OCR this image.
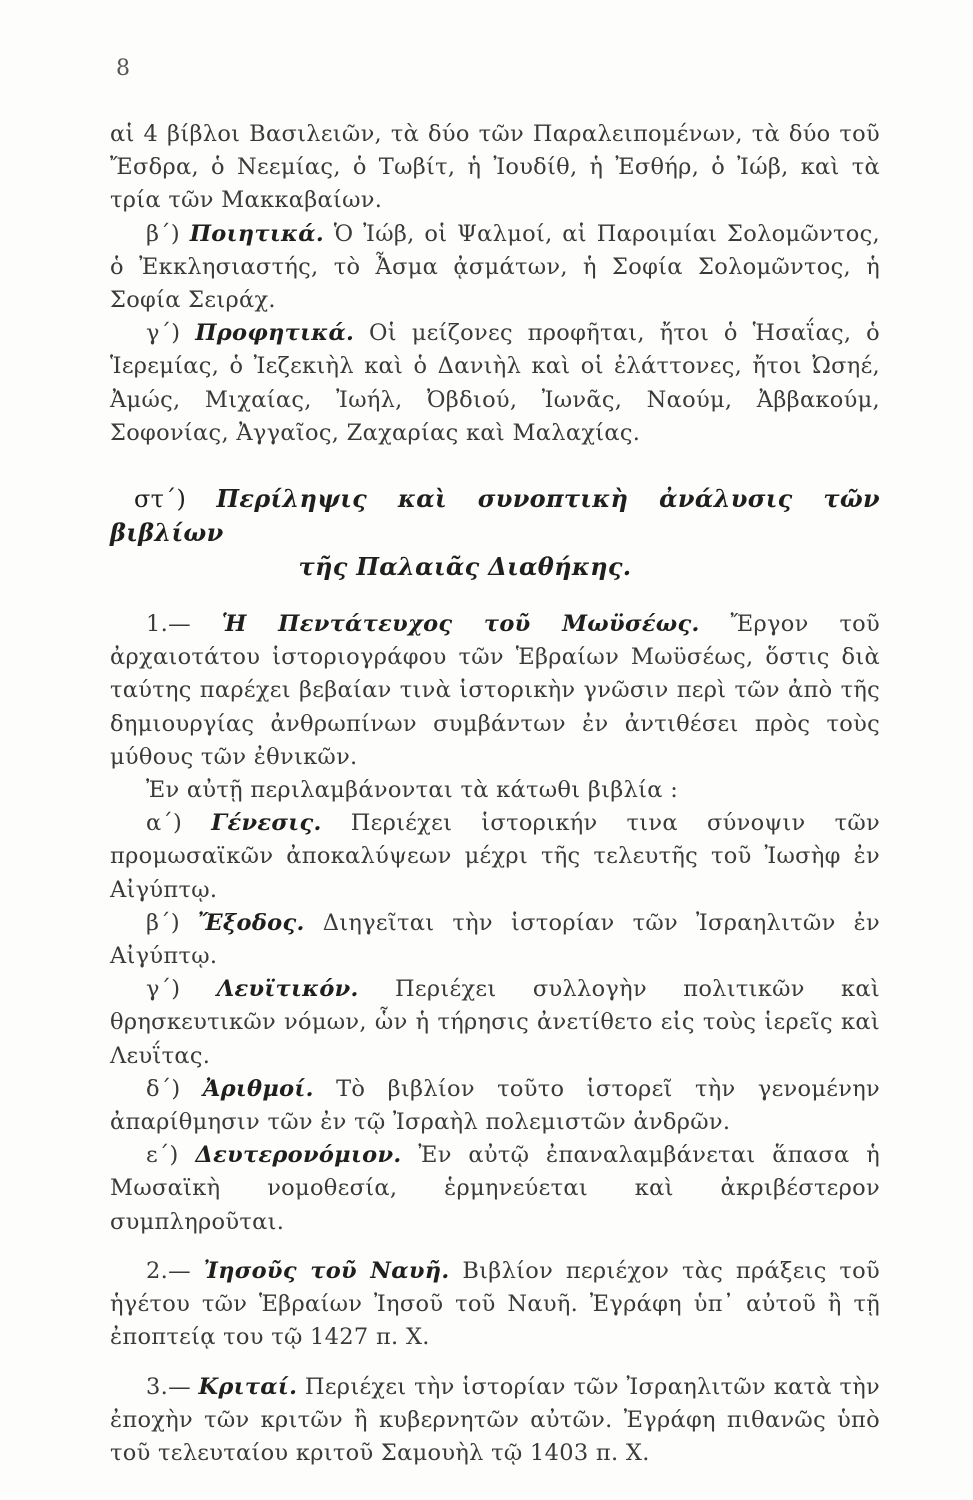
8

αἱ 4 βίβλοι Βασιλειῶν, τὰ δύο τῶν Παραλειπομένων, τὰ δύο τοῦ Ἔσδρα, ὁ Νεεμίας, ὁ Τωβίτ, ἡ Ἰουδίθ, ἡ Ἐσθήρ, ὁ Ἰώβ, καὶ τὰ τρία τῶν Μακκαβαίων.

β΄) Ποιητικά. Ὁ Ἰώβ, οἱ Ψαλμοί, αἱ Παροιμίαι Σολομῶντος, ὁ Ἐκκλησιαστής, τὸ Ἆσμα ᾀσμάτων, ἡ Σοφία Σολομῶντος, ἡ Σοφία Σειράχ.

γ΄) Προφητικά. Οἱ μείζονες προφῆται, ἤτοι ὁ Ἡσαΐας, ὁ Ἱερεμίας, ὁ Ἰεζεκιὴλ καὶ ὁ Δανιὴλ καὶ οἱ ἐλάττονες, ἤτοι Ὠσηέ, Ἀμώς, Μιχαίας, Ἰωήλ, Ὀβδιού, Ἰωνᾶς, Ναούμ, Ἀββακούμ, Σοφονίας, Ἀγγαῖος, Ζαχαρίας καὶ Μαλαχίας.

στ΄) Περίληψις καὶ συνοπτικὴ ἀνάλυσις τῶν βιβλίων
τῆς Παλαιᾶς Διαθήκης.

1.— Ἡ Πεντάτευχος τοῦ Μωϋσέως. Ἔργον τοῦ ἀρχαιοτάτου ἱστοριογράφου τῶν Ἑβραίων Μωϋσέως, ὅστις διὰ ταύτης παρέχει βεβαίαν τινὰ ἱστορικὴν γνῶσιν περὶ τῶν ἀπὸ τῆς δημιουργίας ἀνθρωπίνων συμβάντων ἐν ἀντιθέσει πρὸς τοὺς μύθους τῶν ἐθνικῶν.

Ἐν αὐτῇ περιλαμβάνονται τὰ κάτωθι βιβλία :

α΄) Γένεσις. Περιέχει ἱστορικήν τινα σύνοψιν τῶν προμωσαϊκῶν ἀποκαλύψεων μέχρι τῆς τελευτῆς τοῦ Ἰωσὴφ ἐν Αἰγύπτῳ.

β΄) Ἔξοδος. Διηγεῖται τὴν ἱστορίαν τῶν Ἰσραηλιτῶν ἐν Αἰγύπτῳ.

γ΄) Λευϊτικόν. Περιέχει συλλογὴν πολιτικῶν καὶ θρησκευτικῶν νόμων, ὧν ἡ τήρησις ἀνετίθετο εἰς τοὺς ἱερεῖς καὶ Λευΐτας.

δ΄) Ἀριθμοί. Τὸ βιβλίον τοῦτο ἱστορεῖ τὴν γενομένην ἀπαρίθμησιν τῶν ἐν τῷ Ἰσραὴλ πολεμιστῶν ἀνδρῶν.

ε΄) Δευτερονόμιον. Ἐν αὐτῷ ἐπαναλαμβάνεται ἅπασα ἡ Μωσαϊκὴ νομοθεσία, ἑρμηνεύεται καὶ ἀκριβέστερον συμπληροῦται.

2.— Ἰησοῦς τοῦ Ναυῆ. Βιβλίον περιέχον τὰς πράξεις τοῦ ἡγέτου τῶν Ἑβραίων Ἰησοῦ τοῦ Ναυῆ. Ἐγράφη ὑπ᾿ αὐτοῦ ἢ τῇ ἐποπτείᾳ του τῷ 1427 π. Χ.

3.— Κριταί. Περιέχει τὴν ἱστορίαν τῶν Ἰσραηλιτῶν κατὰ τὴν ἐποχὴν τῶν κριτῶν ἢ κυβερνητῶν αὐτῶν. Ἐγράφη πιθανῶς ὑπὸ τοῦ τελευταίου κριτοῦ Σαμουὴλ τῷ 1403 π. Χ.
